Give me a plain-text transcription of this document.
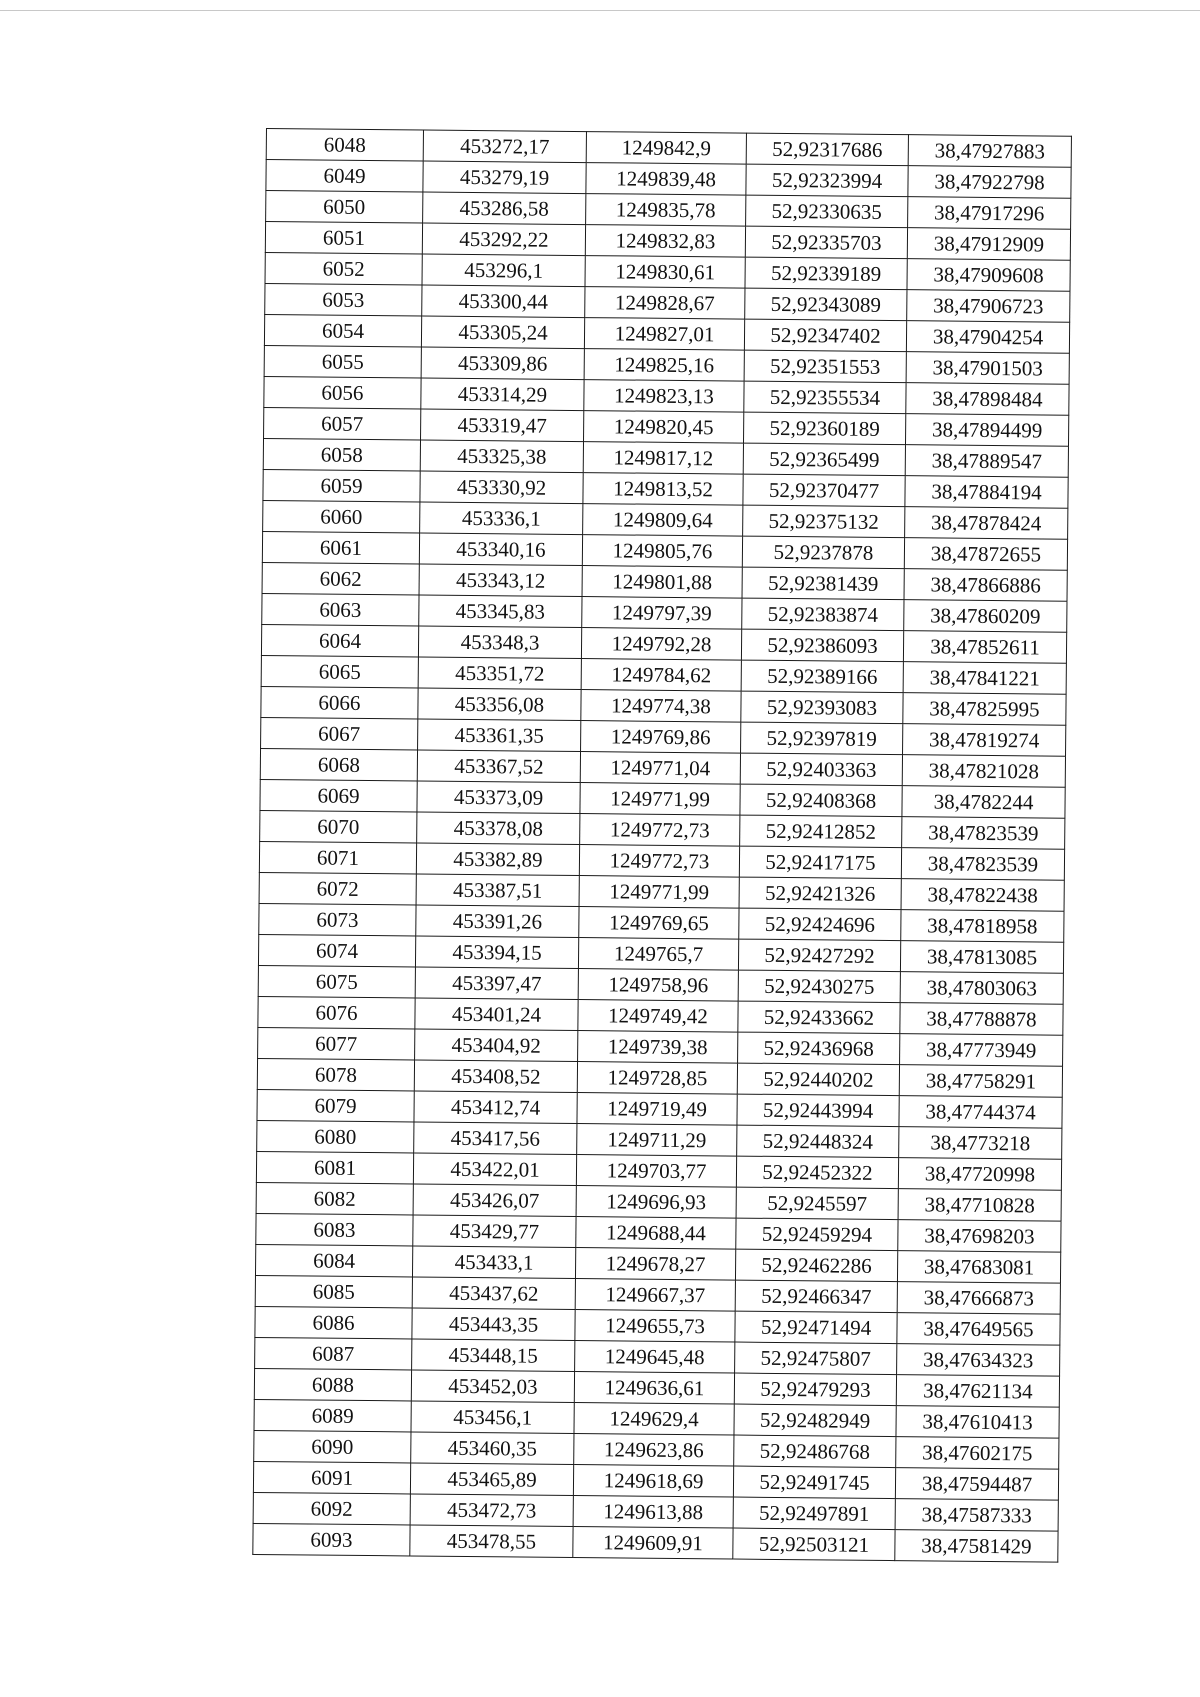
6048	453272,17	1249842,9	52,92317686	38,47927883
6049	453279,19	1249839,48	52,92323994	38,47922798
6050	453286,58	1249835,78	52,92330635	38,47917296
6051	453292,22	1249832,83	52,92335703	38,47912909
6052	453296,1	1249830,61	52,92339189	38,47909608
6053	453300,44	1249828,67	52,92343089	38,47906723
6054	453305,24	1249827,01	52,92347402	38,47904254
6055	453309,86	1249825,16	52,92351553	38,47901503
6056	453314,29	1249823,13	52,92355534	38,47898484
6057	453319,47	1249820,45	52,92360189	38,47894499
6058	453325,38	1249817,12	52,92365499	38,47889547
6059	453330,92	1249813,52	52,92370477	38,47884194
6060	453336,1	1249809,64	52,92375132	38,47878424
6061	453340,16	1249805,76	52,9237878	38,47872655
6062	453343,12	1249801,88	52,92381439	38,47866886
6063	453345,83	1249797,39	52,92383874	38,47860209
6064	453348,3	1249792,28	52,92386093	38,47852611
6065	453351,72	1249784,62	52,92389166	38,47841221
6066	453356,08	1249774,38	52,92393083	38,47825995
6067	453361,35	1249769,86	52,92397819	38,47819274
6068	453367,52	1249771,04	52,92403363	38,47821028
6069	453373,09	1249771,99	52,92408368	38,4782244
6070	453378,08	1249772,73	52,92412852	38,47823539
6071	453382,89	1249772,73	52,92417175	38,47823539
6072	453387,51	1249771,99	52,92421326	38,47822438
6073	453391,26	1249769,65	52,92424696	38,47818958
6074	453394,15	1249765,7	52,92427292	38,47813085
6075	453397,47	1249758,96	52,92430275	38,47803063
6076	453401,24	1249749,42	52,92433662	38,47788878
6077	453404,92	1249739,38	52,92436968	38,47773949
6078	453408,52	1249728,85	52,92440202	38,47758291
6079	453412,74	1249719,49	52,92443994	38,47744374
6080	453417,56	1249711,29	52,92448324	38,4773218
6081	453422,01	1249703,77	52,92452322	38,47720998
6082	453426,07	1249696,93	52,9245597	38,47710828
6083	453429,77	1249688,44	52,92459294	38,47698203
6084	453433,1	1249678,27	52,92462286	38,47683081
6085	453437,62	1249667,37	52,92466347	38,47666873
6086	453443,35	1249655,73	52,92471494	38,47649565
6087	453448,15	1249645,48	52,92475807	38,47634323
6088	453452,03	1249636,61	52,92479293	38,47621134
6089	453456,1	1249629,4	52,92482949	38,47610413
6090	453460,35	1249623,86	52,92486768	38,47602175
6091	453465,89	1249618,69	52,92491745	38,47594487
6092	453472,73	1249613,88	52,92497891	38,47587333
6093	453478,55	1249609,91	52,92503121	38,47581429
